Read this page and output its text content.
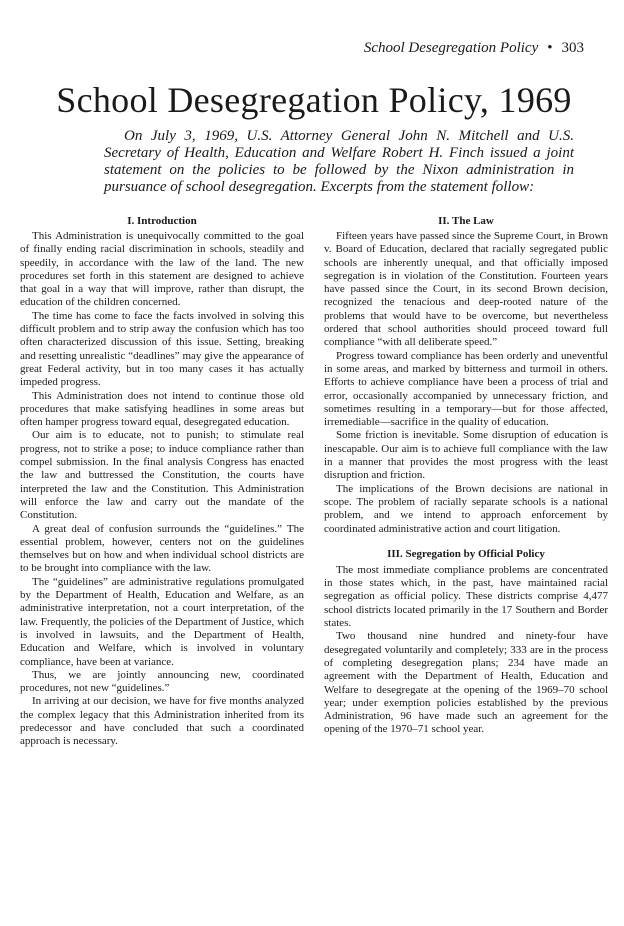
School Desegregation Policy • 303
School Desegregation Policy, 1969
On July 3, 1969, U.S. Attorney General John N. Mitchell and U.S. Secretary of Health, Education and Welfare Robert H. Finch issued a joint statement on the policies to be followed by the Nixon administration in pursuance of school desegregation. Excerpts from the statement follow:
I. Introduction

This Administration is unequivocally committed to the goal of finally ending racial discrimination in schools, steadily and speedily, in accordance with the law of the land. The new procedures set forth in this statement are designed to achieve that goal in a way that will improve, rather than disrupt, the education of the children concerned.

The time has come to face the facts involved in solving this difficult problem and to strip away the confusion which has too often characterized discussion of this issue. Setting, breaking and resetting unrealistic “deadlines” may give the appearance of great Federal activity, but in too many cases it has actually impeded progress.

This Administration does not intend to continue those old procedures that make satisfying headlines in some areas but often hamper progress toward equal, desegregated education.

Our aim is to educate, not to punish; to stimulate real progress, not to strike a pose; to induce compliance rather than compel submission. In the final analysis Congress has enacted the law and buttressed the Constitution, the courts have interpreted the law and the Constitution. This Administration will enforce the law and carry out the mandate of the Constitution.

A great deal of confusion surrounds the “guidelines.” The essential problem, however, centers not on the guidelines themselves but on how and when individual school districts are to be brought into compliance with the law.

The “guidelines” are administrative regulations promulgated by the Department of Health, Education and Welfare, as an administrative interpretation, not a court interpretation, of the law. Frequently, the policies of the Department of Justice, which is involved in lawsuits, and the Department of Health, Education and Welfare, which is involved in voluntary compliance, have been at variance.

Thus, we are jointly announcing new, coordinated procedures, not new “guidelines.”

In arriving at our decision, we have for five months analyzed the complex legacy that this Administration inherited from its predecessor and have concluded that such a coordinated approach is necessary.

II. The Law

Fifteen years have passed since the Supreme Court, in Brown v. Board of Education, declared that racially segregated public schools are inherently unequal, and that officially imposed segregation is in violation of the Constitution. Fourteen years have passed since the Court, in its second Brown decision, recognized the tenacious and deep-rooted nature of the problems that would have to be overcome, but nevertheless ordered that school authorities should proceed toward full compliance “with all deliberate speed.”

Progress toward compliance has been orderly and uneventful in some areas, and marked by bitterness and turmoil in others. Efforts to achieve compliance have been a process of trial and error, occasionally accompanied by unnecessary friction, and sometimes resulting in a temporary—but for those affected, irremediable—sacrifice in the quality of education.

Some friction is inevitable. Some disruption of education is inescapable. Our aim is to achieve full compliance with the law in a manner that provides the most progress with the least disruption and friction.

The implications of the Brown decisions are national in scope. The problem of racially separate schools is a national problem, and we intend to approach enforcement by coordinated administrative action and court litigation.

III. Segregation by Official Policy

The most immediate compliance problems are concentrated in those states which, in the past, have maintained racial segregation as official policy. These districts comprise 4,477 school districts located primarily in the 17 Southern and Border states.

Two thousand nine hundred and ninety-four have desegregated voluntarily and completely; 333 are in the process of completing desegregation plans; 234 have made an agreement with the Department of Health, Education and Welfare to desegregate at the opening of the 1969–70 school year; under exemption policies established by the previous Administration, 96 have made such an agreement for the opening of the 1970–71 school year.
